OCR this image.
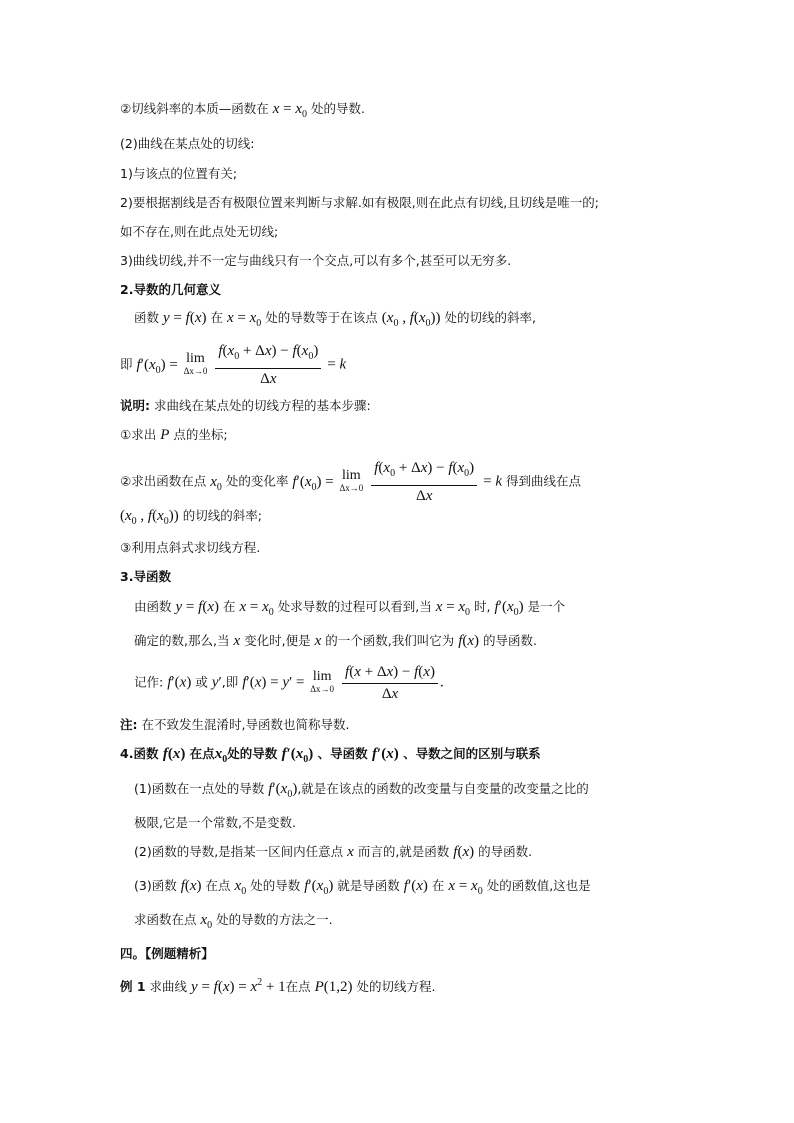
②切线斜率的本质—函数在 $x = x_0$ 处的导数.
(2)曲线在某点处的切线:
1)与该点的位置有关;
2)要根据割线是否有极限位置来判断与求解.如有极限,则在此点有切线,且切线是唯一的;
如不存在,则在此点处无切线;
3)曲线切线,并不一定与曲线只有一个交点,可以有多个,甚至可以无穷多.
2.导数的几何意义
函数 y = f(x) 在 $x = x_0$ 处的导数等于在该点 ($x_0$ , $f(x_0)$) 处的切线的斜率,
即 $f'(x_0) = \lim$
Δx→0
$\frac{f(x_0 + \Delta x) - f(x_0)}{\Delta x} = k$
说明: 求曲线在某点处的切线方程的基本步骤:
①求出 P 点的坐标;
②求出函数在点 $x_0$ 处的变化率 $f'(x_0) = \lim$
Δx→0
$\frac{f(x_0 + \Delta x) - f(x_0)}{\Delta x} = k$ 得到曲线在点
($x_0$ , $f(x_0)$) 的切线的斜率;
③利用点斜式求切线方程.
3.导函数
由函数 y = f(x) 在 $x = x_0$ 处求导数的过程可以看到,当 $x = x_0$ 时, $f'(x_0)$ 是一个
确定的数,那么,当 x 变化时,便是 x 的一个函数,我们叫它为 f(x) 的导函数.
记作: f′(x) 或 y′,即 f′(x) = y′ = lim
Δx→0
$\frac{f(x + \Delta x) - f(x)}{\Delta x}$ .
注: 在不致发生混淆时,导函数也简称导数.
4.函数 f(x) 在点$x_0$处的导数 $f'(x_0)$ 、导函数 f′(x) 、导数之间的区别与联系
(1)函数在一点处的导数 $f'(x_0)$,就是在该点的函数的改变量与自变量的改变量之比的
极限,它是一个常数,不是变数.
(2)函数的导数,是指某一区间内任意点 x 而言的,就是函数 f(x) 的导函数.
(3)函数 f(x) 在点 $x_0$ 处的导数 $f'(x_0)$ 就是导函数 f′(x) 在 $x = x_0$ 处的函数值,这也是
求函数在点 $x_0$ 处的导数的方法之一.
四。【例题精析】
例 1 求曲线 $y = f(x) = x^2 + 1$在点 P(1,2) 处的切线方程.
